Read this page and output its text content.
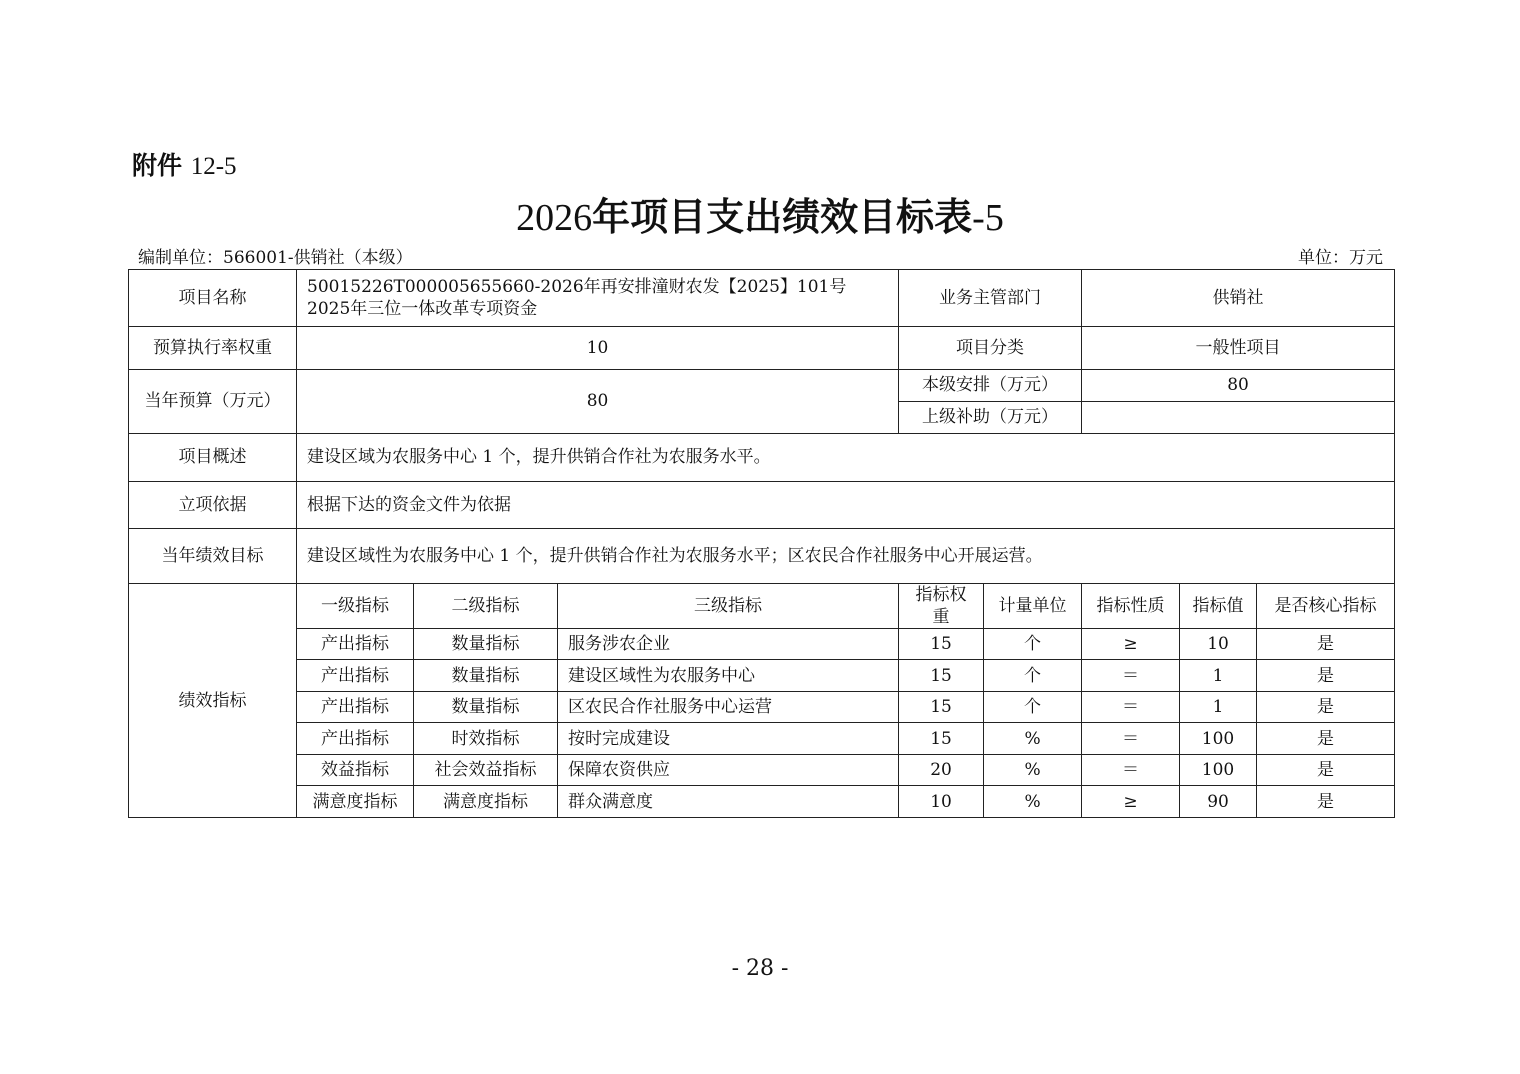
附件 12-5
2026年项目支出绩效目标表-5
编制单位：566001-供销社（本级）	单位：万元
项目名称	50015226T000005655660-2026年再安排潼财农发【2025】101号2025年三位一体改革专项资金			业务主管部门		供销社		
预算执行率权重	10			项目分类		一般性项目		
当年预算（万元）	80			本级安排（万元）		80		
				上级补助（万元）				
项目概述	建设区域为农服务中心 1 个，提升供销合作社为农服务水平。							
立项依据	根据下达的资金文件为依据							
当年绩效目标	建设区域性为农服务中心 1 个，提升供销合作社为农服务水平；区农民合作社服务中心开展运营。							
绩效指标	一级指标	二级指标	三级指标	指标权重	计量单位	指标性质	指标值	是否核心指标
	产出指标	数量指标	服务涉农企业	15	个	≥	10	是
	产出指标	数量指标	建设区域性为农服务中心	15	个	＝	1	是
	产出指标	数量指标	区农民合作社服务中心运营	15	个	＝	1	是
	产出指标	时效指标	按时完成建设	15	%	＝	100	是
	效益指标	社会效益指标	保障农资供应	20	%	＝	100	是
	满意度指标	满意度指标	群众满意度	10	%	≥	90	是
- 28 -
